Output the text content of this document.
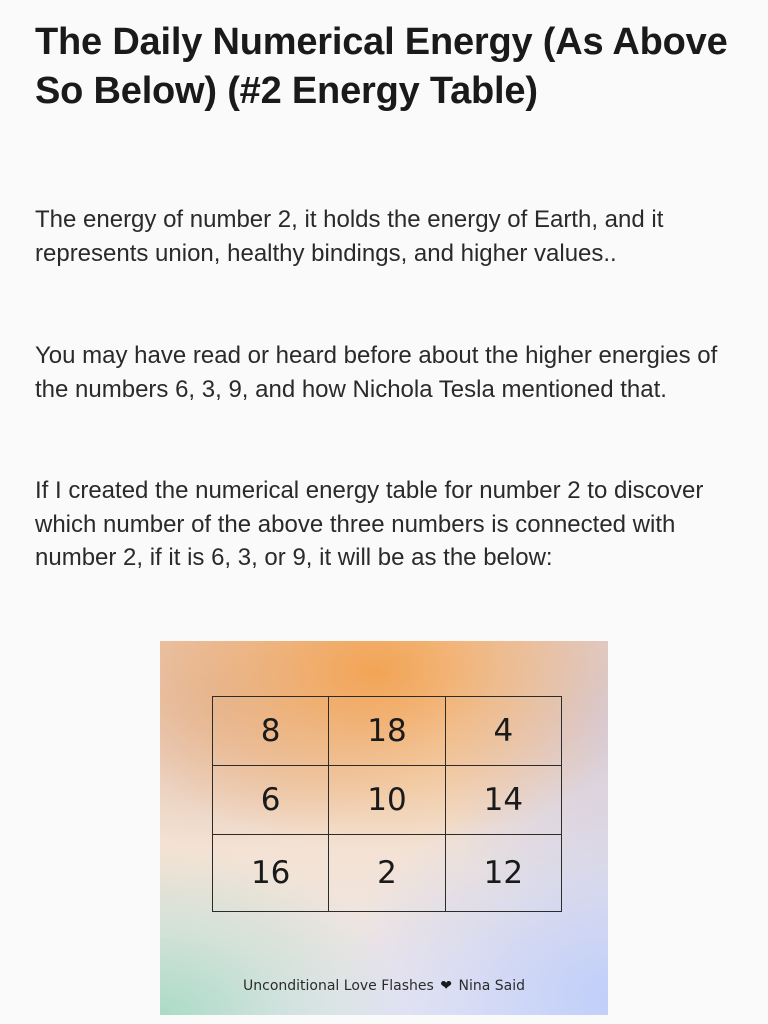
The Daily Numerical Energy (As Above So Below) (#2 Energy Table)

The energy of number 2, it holds the energy of Earth, and it represents union, healthy bindings, and higher values..

You may have read or heard before about the higher energies of the numbers 6, 3, 9, and how Nichola Tesla mentioned that.

If I created the numerical energy table for number 2 to discover which number of the above three numbers is connected with number 2, if it is 6, 3, or 9, it will be as the below:

8	18	4
6	10	14
16	2	12
Unconditional Love Flashes ❤ Nina Said
